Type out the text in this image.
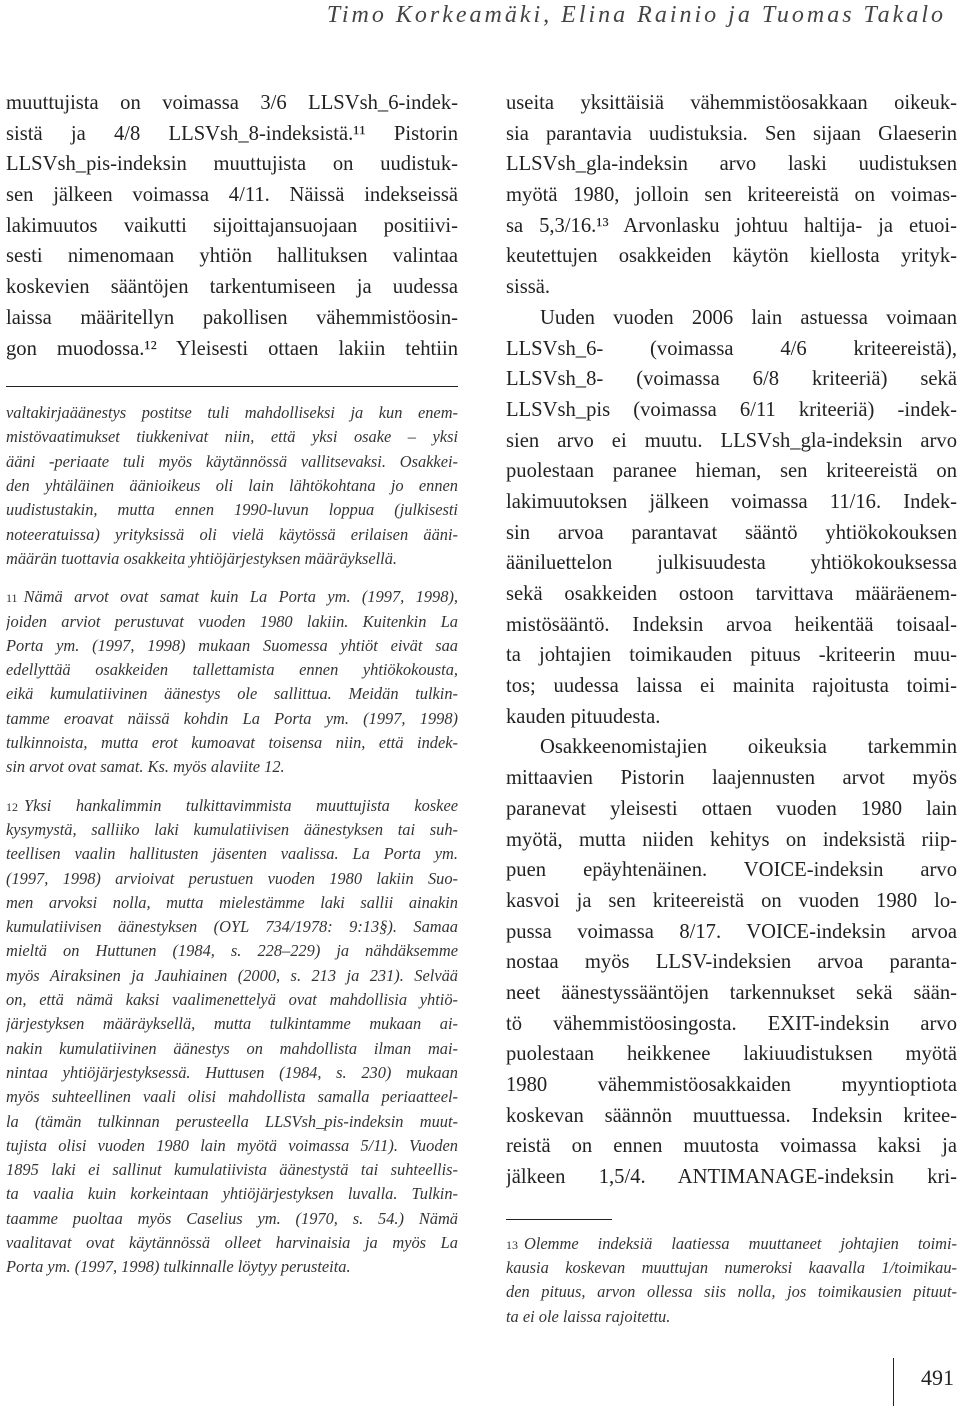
Timo Korkeamäki, Elina Rainio ja Tuomas Takalo
muuttujista on voimassa 3/6 LLSVsh_6-indek-
sistä ja 4/8 LLSVsh_8-indeksistä.¹¹ Pistorin
LLSVsh_pis-indeksin muuttujista on uudistuk-
sen jälkeen voimassa 4/11. Näissä indekseissä
lakimuutos vaikutti sijoittajansuojaan positiivi-
sesti nimenomaan yhtiön hallituksen valintaa
koskevien sääntöjen tarkentumiseen ja uudessa
laissa määritellyn pakollisen vähemmistöosin-
gon muodossa.¹² Yleisesti ottaen lakiin tehtiin
valtakirjaäänestys postitse tuli mahdolliseksi ja kun enem-
mistövaatimukset tiukkenivat niin, että yksi osake – yksi
ääni -periaate tuli myös käytännössä vallitsevaksi. Osakkei-
den yhtäläinen äänioikeus oli lain lähtökohtana jo ennen
uudistustakin, mutta ennen 1990-luvun loppua (julkisesti
noteeratuissa) yrityksissä oli vielä käytössä erilaisen ääni-
määrän tuottavia osakkeita yhtiöjärjestyksen määräyksellä.
11 Nämä arvot ovat samat kuin La Porta ym. (1997, 1998),
joiden arviot perustuvat vuoden 1980 lakiin. Kuitenkin La
Porta ym. (1997, 1998) mukaan Suomessa yhtiöt eivät saa
edellyttää osakkeiden tallettamista ennen yhtiökokousta,
eikä kumulatiivinen äänestys ole sallittua. Meidän tulkin-
tamme eroavat näissä kohdin La Porta ym. (1997, 1998)
tulkinnoista, mutta erot kumoavat toisensa niin, että indek-
sin arvot ovat samat. Ks. myös alaviite 12.
12 Yksi hankalimmin tulkittavimmista muuttujista koskee
kysymystä, salliiko laki kumulatiivisen äänestyksen tai suh-
teellisen vaalin hallitusten jäsenten vaalissa. La Porta ym.
(1997, 1998) arvioivat perustuen vuoden 1980 lakiin Suo-
men arvoksi nolla, mutta mielestämme laki sallii ainakin
kumulatiivisen äänestyksen (OYL 734/1978: 9:13§). Samaa
mieltä on Huttunen (1984, s. 228–229) ja nähdäksemme
myös Airaksinen ja Jauhiainen (2000, s. 213 ja 231). Selvää
on, että nämä kaksi vaalimenettelyä ovat mahdollisia yhtiö-
järjestyksen määräyksellä, mutta tulkintamme mukaan ai-
nakin kumulatiivinen äänestys on mahdollista ilman mai-
nintaa yhtiöjärjestyksessä. Huttusen (1984, s. 230) mukaan
myös suhteellinen vaali olisi mahdollista samalla periaatteel-
la (tämän tulkinnan perusteella LLSVsh_pis-indeksin muut-
tujista olisi vuoden 1980 lain myötä voimassa 5/11). Vuoden
1895 laki ei sallinut kumulatiivista äänestystä tai suhteellis-
ta vaalia kuin korkeintaan yhtiöjärjestyksen luvalla. Tulkin-
taamme puoltaa myös Caselius ym. (1970, s. 54.) Nämä
vaalitavat ovat käytännössä olleet harvinaisia ja myös La
Porta ym. (1997, 1998) tulkinnalle löytyy perusteita.
useita yksittäisiä vähemmistöosakkaan oikeuk-
sia parantavia uudistuksia. Sen sijaan Glaeserin
LLSVsh_gla-indeksin arvo laski uudistuksen
myötä 1980, jolloin sen kriteereistä on voimas-
sa 5,3/16.¹³ Arvonlasku johtuu haltija- ja etuoi-
keutettujen osakkeiden käytön kiellosta yrityk-
sissä.
Uuden vuoden 2006 lain astuessa voimaan
LLSVsh_6- (voimassa 4/6 kriteereistä),
LLSVsh_8- (voimassa 6/8 kriteeriä) sekä
LLSVsh_pis (voimassa 6/11 kriteeriä) -indek-
sien arvo ei muutu. LLSVsh_gla-indeksin arvo
puolestaan paranee hieman, sen kriteereistä on
lakimuutoksen jälkeen voimassa 11/16. Indek-
sin arvoa parantavat sääntö yhtiökokouksen
ääniluettelon julkisuudesta yhtiökokouksessa
sekä osakkeiden ostoon tarvittava määräenem-
mistösääntö. Indeksin arvoa heikentää toisaal-
ta johtajien toimikauden pituus -kriteerin muu-
tos; uudessa laissa ei mainita rajoitusta toimi-
kauden pituudesta.
Osakkeenomistajien oikeuksia tarkemmin
mittaavien Pistorin laajennusten arvot myös
paranevat yleisesti ottaen vuoden 1980 lain
myötä, mutta niiden kehitys on indeksistä riip-
puen epäyhtenäinen. VOICE-indeksin arvo
kasvoi ja sen kriteereistä on vuoden 1980 lo-
pussa voimassa 8/17. VOICE-indeksin arvoa
nostaa myös LLSV-indeksien arvoa paranta-
neet äänestyssääntöjen tarkennukset sekä sään-
tö vähemmistöosingosta. EXIT-indeksin arvo
puolestaan heikkenee lakiuudistuksen myötä
1980 vähemmistöosakkaiden myyntioptiota
koskevan säännön muuttuessa. Indeksin kritee-
reistä on ennen muutosta voimassa kaksi ja
jälkeen 1,5/4. ANTIMANAGE-indeksin kri-
13 Olemme indeksiä laatiessa muuttaneet johtajien toimi-
kausia koskevan muuttujan numeroksi kaavalla 1/toimikau-
den pituus, arvon ollessa siis nolla, jos toimikausien pituut-
ta ei ole laissa rajoitettu.
491
